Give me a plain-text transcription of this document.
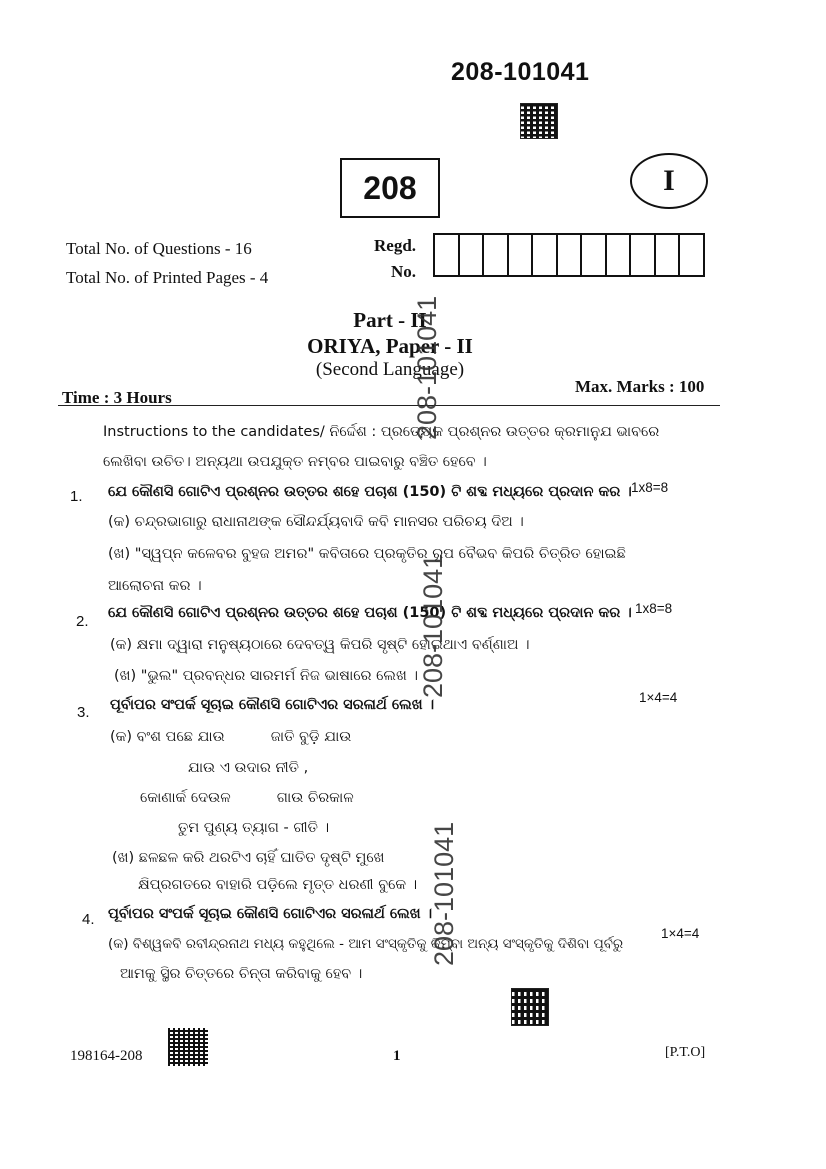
208-101041
208	I
Total No. of Questions - 16
Total No. of Printed Pages - 4
Regd.
No.
Part - II
ORIYA, Paper - II
(Second Language)
Time : 3 Hours
Max. Marks : 100
Instructions to the candidates/ ନିର୍ଦ୍ଦେଶ : ପ୍ରତ୍ୟେକ ପ୍ରଶ୍ନର ଉତ୍ତର କ୍ରମାନୁଯ ଭାବରେ
ଲେଖିବା ଉଚିତ। ଅନ୍ୟଥା ଉପଯୁକ୍ତ ନମ୍ବର ପାଇବାରୁ ବଞ୍ଚିତ ହେବେ ।
1. ଯେ କୌଣସି ଗୋଟିଏ ପ୍ରଶ୍ନର ଉତ୍ତର ଶହେ ପଚାଶ (150) ଟି ଶବ୍ଦ ମଧ୍ୟରେ ପ୍ରଦାନ କର । 1x8=8
(କ) ଚନ୍ଦ୍ରଭାଗାରୁ ରାଧାନାଥଙ୍କ ସୌନ୍ଦର୍ଯ୍ୟବାଦି କବି ମାନସର ପରିଚୟ ଦିଅ ।
(ଖ) "ସ୍ୱପ୍ନ କଳେବର ବୁହଜ ଅମର" କବିତାରେ ପ୍ରକୃତିର ରୂପ ବୈଭବ କିପରି ଚିତ୍ରିତ ହୋଇଛି
ଆଲୋଚନା କର ।
2. ଯେ କୌଣସି ଗୋଟିଏ ପ୍ରଶ୍ନର ଉତ୍ତର ଶହେ ପଚାଶ (150) ଟି ଶବ୍ଦ ମଧ୍ୟରେ ପ୍ରଦାନ କର । 1x8=8
(କ) କ୍ଷମା ଦ୍ୱାରା ମନୁଷ୍ୟଠାରେ ଦେବତ୍ୱ କିପରି ସୃଷ୍ଟି ହୋଇଥାଏ ବର୍ଣ୍ଣାଅ ।
(ଖ) "ଭୁଲ" ପ୍ରବନ୍ଧର ସାରମର୍ମ ନିଜ ଭାଷାରେ ଲେଖ ।
3. ପୂର୍ବାପର ସଂପର୍କ ସୂଚାଇ କୌଣସି ଗୋଟିଏର ସରଳାର୍ଥ ଲେଖ ।	1×4=4
(କ) ବଂଶ ପଛେ ଯାଉ          ଜାତି ବୁଡ଼ି ଯାଉ
ଯାଉ ଏ ଉଦାର ନୀତି ,
କୋଣାର୍କ ଦେଉଳ          ଗାଉ ଚିରକାଳ
ତୁମ ପୁଣ୍ୟ ତ୍ୟାଗ - ଗୀତି ।
(ଖ) ଛଳଛଳ କରି ଥରଟିଏ ଚାହିଁ ଘାତିତ ଦୃଷ୍ଟି ମୁଖେ
କ୍ଷିପ୍ରଗତରେ ବାହାରି ପଡ଼ିଲେ ମୃତ୍ତ ଧରଣୀ ବୁକେ ।
4. ପୂର୍ବାପର ସଂପର୍କ ସୂଚାଇ କୌଣସି ଗୋଟିଏର ସରଳାର୍ଥ ଲେଖ ।
1×4=4
(କ) ବିଶ୍ୱକବି ରବୀନ୍ଦ୍ରନାଥ ମଧ୍ୟ କହୁଥିଲେ - ଆମ ସଂସ୍କୃତିକୁ କିମ୍ବା ଅନ୍ୟ ସଂସ୍କୃତିକୁ ଦିଶିବା ପୂର୍ବରୁ
ଆମକୁ ସ୍ଥିର ଚିତ୍ତରେ ଚିନ୍ତା କରିବାକୁ ହେବ ।
208-101041
208-101041
208-101041
198164-208	1	[P.T.O]
